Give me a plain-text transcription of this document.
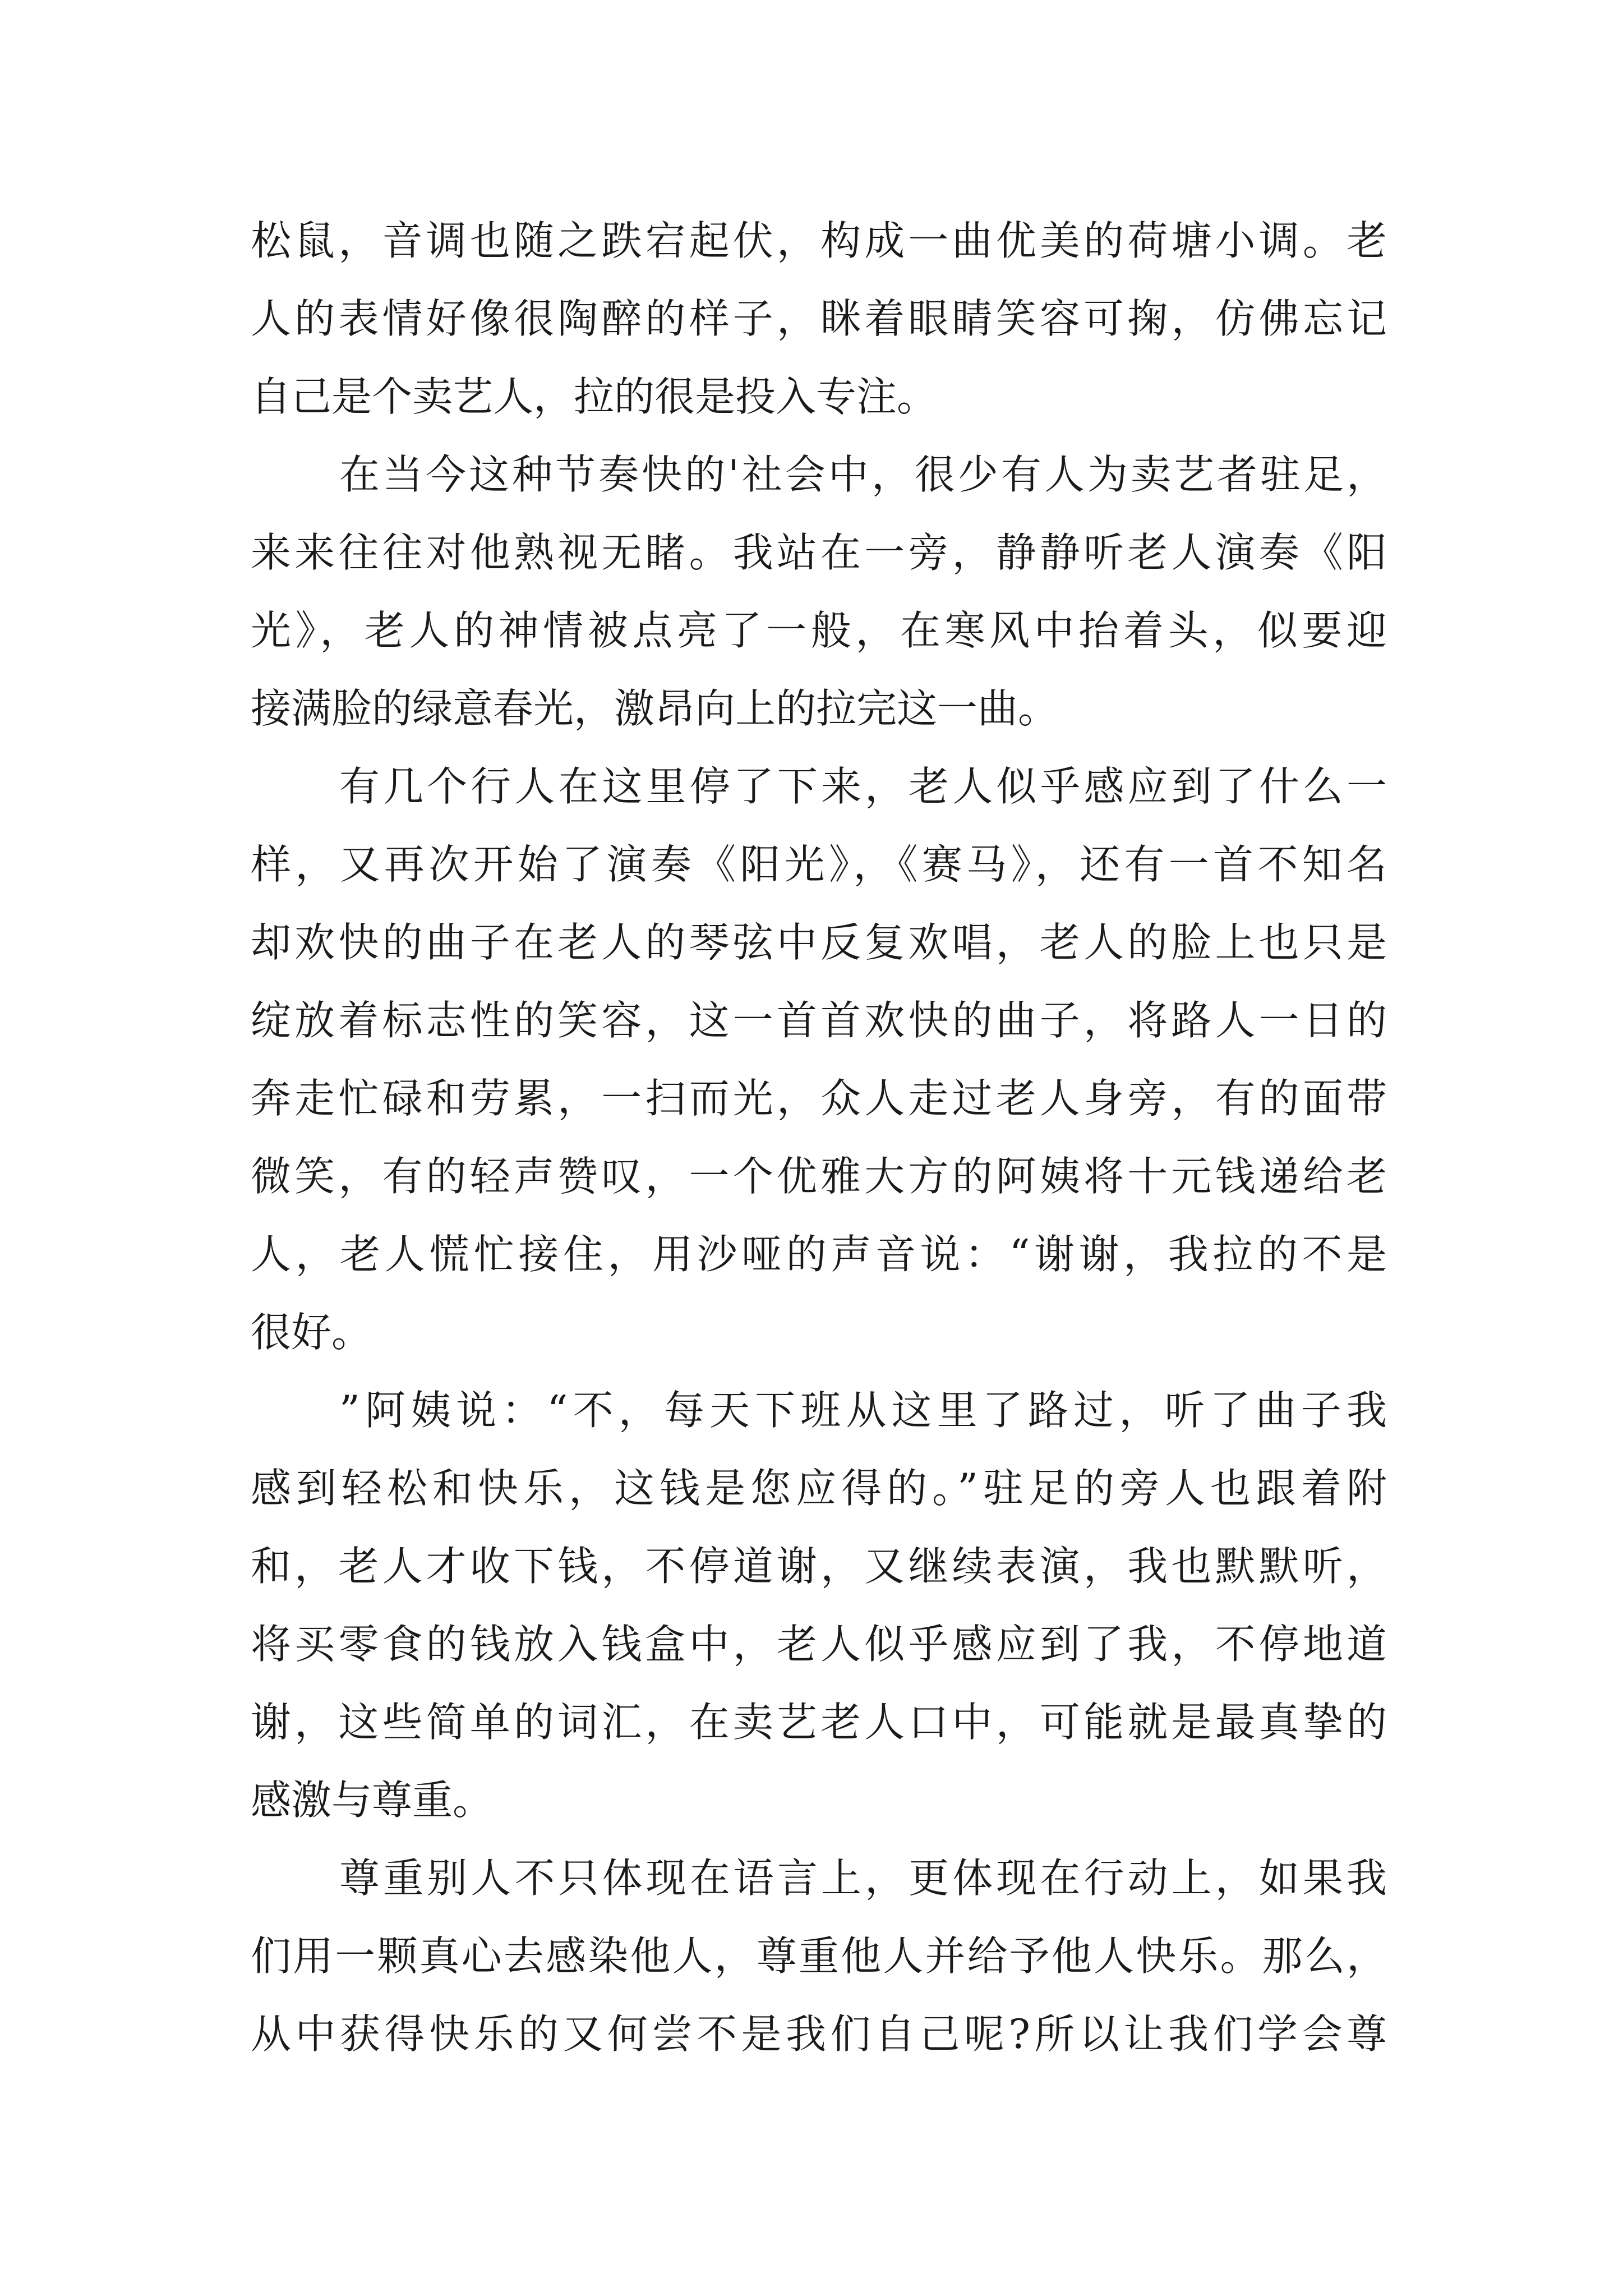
松鼠，音调也随之跌宕起伏，构成一曲优美的荷塘小调。老
人的表情好像很陶醉的样子，眯着眼睛笑容可掬，仿佛忘记
自己是个卖艺人，拉的很是投入专注。
在当今这种节奏快的'社会中，很少有人为卖艺者驻足，
来来往往对他熟视无睹。我站在一旁，静静听老人演奏《阳
光》，老人的神情被点亮了一般，在寒风中抬着头，似要迎
接满脸的绿意春光，激昂向上的拉完这一曲。
有几个行人在这里停了下来，老人似乎感应到了什么一
样，又再次开始了演奏《阳光》，《赛马》，还有一首不知名
却欢快的曲子在老人的琴弦中反复欢唱，老人的脸上也只是
绽放着标志性的笑容，这一首首欢快的曲子，将路人一日的
奔走忙碌和劳累，一扫而光，众人走过老人身旁，有的面带
微笑，有的轻声赞叹，一个优雅大方的阿姨将十元钱递给老
人，老人慌忙接住，用沙哑的声音说：“谢谢，我拉的不是
很好。
”阿姨说：“不，每天下班从这里了路过，听了曲子我
感到轻松和快乐，这钱是您应得的。”驻足的旁人也跟着附
和，老人才收下钱，不停道谢，又继续表演，我也默默听，
将买零食的钱放入钱盒中，老人似乎感应到了我，不停地道
谢，这些简单的词汇，在卖艺老人口中，可能就是最真挚的
感激与尊重。
尊重别人不只体现在语言上，更体现在行动上，如果我
们用一颗真心去感染他人，尊重他人并给予他人快乐。那么，
从中获得快乐的又何尝不是我们自己呢?所以让我们学会尊
